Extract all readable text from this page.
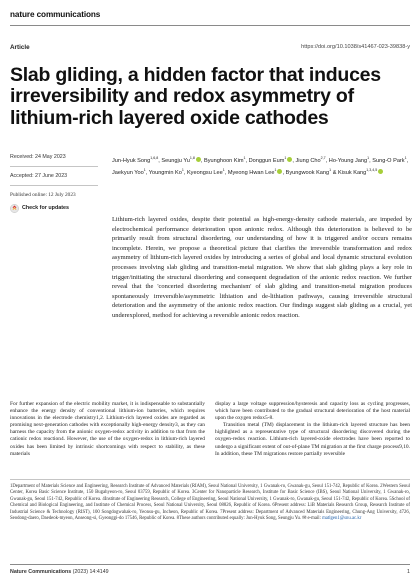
nature communications
Article	https://doi.org/10.1038/s41467-023-39838-y
Slab gliding, a hidden factor that induces irreversibility and redox asymmetry of lithium-rich layered oxide cathodes
Received: 24 May 2023
Accepted: 27 June 2023
Published online: 12 July 2023
Check for updates
Jun-Hyuk Song$^{1,6,8}$, Seungju Yu$^{1,8}$ , Byunghoon Kim$^1$, Donggun Eum$^1$ , Jiung Cho$^{2,7}$, Ho-Young Jang$^1$, Sung-O Park$^1$, Jaekyun Yoo$^1$, Youngmin Ko$^1$, Kyeongsu Lee$^1$, Myeong Hwan Lee$^1$ , Byungwook Kang$^1$ & Kisuk Kang$^{1,3,4,5}$

Lithium-rich layered oxides, despite their potential as high-energy-density cathode materials, are impeded by electrochemical performance deterioration upon anionic redox. Although this deterioration is believed to be primarily result from structural disordering, our understanding of how it is triggered and/or occurs remains incomplete. Herein, we propose a theoretical picture that clarifies the irreversible transformation and redox asymmetry of lithium-rich layered oxides by introducing a series of global and local dynamic structural evolution processes involving slab gliding and transition-metal migration. We show that slab gliding plays a key role in trigger/initiating the structural disordering and consequent degradation of the anionic redox reaction. We further reveal that the 'concerted disordering mechanism' of slab gliding and transition-metal migration produces spontaneously irreversible/asymmetric lithiation and de-lithiation pathways, causing irreversible structural deterioration and the asymmetry of the anionic redox reaction. Our findings suggest slab gliding as a crucial, yet underexplored, method for achieving a reversible anionic redox reaction.

For further expansion of the electric mobility market, it is indispensable to substantially enhance the energy density of conventional lithium-ion batteries, which requires innovations in the electrode chemistry1,2. Lithium-rich layered oxides are regarded as promising next-generation cathodes with exceptionally high-energy density3, as they can harness the capacity from the anionic oxygen-redox activity in addition to that from the cationic redox reaction4. However, the use of the oxygen-redox in lithium-rich layered oxides has been limited by intrinsic shortcomings with respect to stability, as these materials

display a large voltage suppression/hysteresis and capacity loss as cycling progresses, which have been contributed to the gradual structural deterioration of the host material upon the oxygen redox5-8.

Transition metal (TM) displacement in the lithium-rich layered structure has been highlighted as a representative type of structural disordering discovered during the oxygen-redox reaction. Lithium-rich layered-oxide electrodes have been reported to undergo a significant extent of out-of-plane TM migration at the first charge process9,10. In addition, these TM migrations restore partially reversible

1Department of Materials Science and Engineering, Research Institute of Advanced Materials (RIAM), Seoul National University, 1 Gwanak-ro, Gwanak-gu, Seoul 151-742, Republic of Korea. 2Western Seoul Center, Korea Basic Science Institute, 150 Bugahyeon-ro, Seoul 03759, Republic of Korea. 3Center for Nanoparticle Research, Institute for Basic Science (IBS), Seoul National University, 1 Gwanak-ro, Gwanak-gu, Seoul 151-742, Republic of Korea. 4Institute of Engineering Research, College of Engineering, Seoul National University, 1 Gwanak-ro, Gwanak-gu, Seoul 151-742, Republic of Korea. 5School of Chemical and Biological Engineering, and Institute of Chemical Process, Seoul National University, Seoul 08826, Republic of Korea. 6Present address: LiB Materials Research Group, Research Institute of Industrial Science & Technology (RIST), 100 Songdogwahak-ro, Yeonsu-gu, Incheon, Republic of Korea. 7Present address: Department of Advanced Materials Engineering, Chung-Ang University, 4726, Seodong-daero, Daedeok-myeon, Anseong-si, Gyeonggi-do 17546, Republic of Korea. 8These authors contributed equally: Jun-Hyuk Song, Seungju Yu. ✉ e-mail: matlgen1@snu.ac.kr
Nature Communications (2023) 14:4149	1
